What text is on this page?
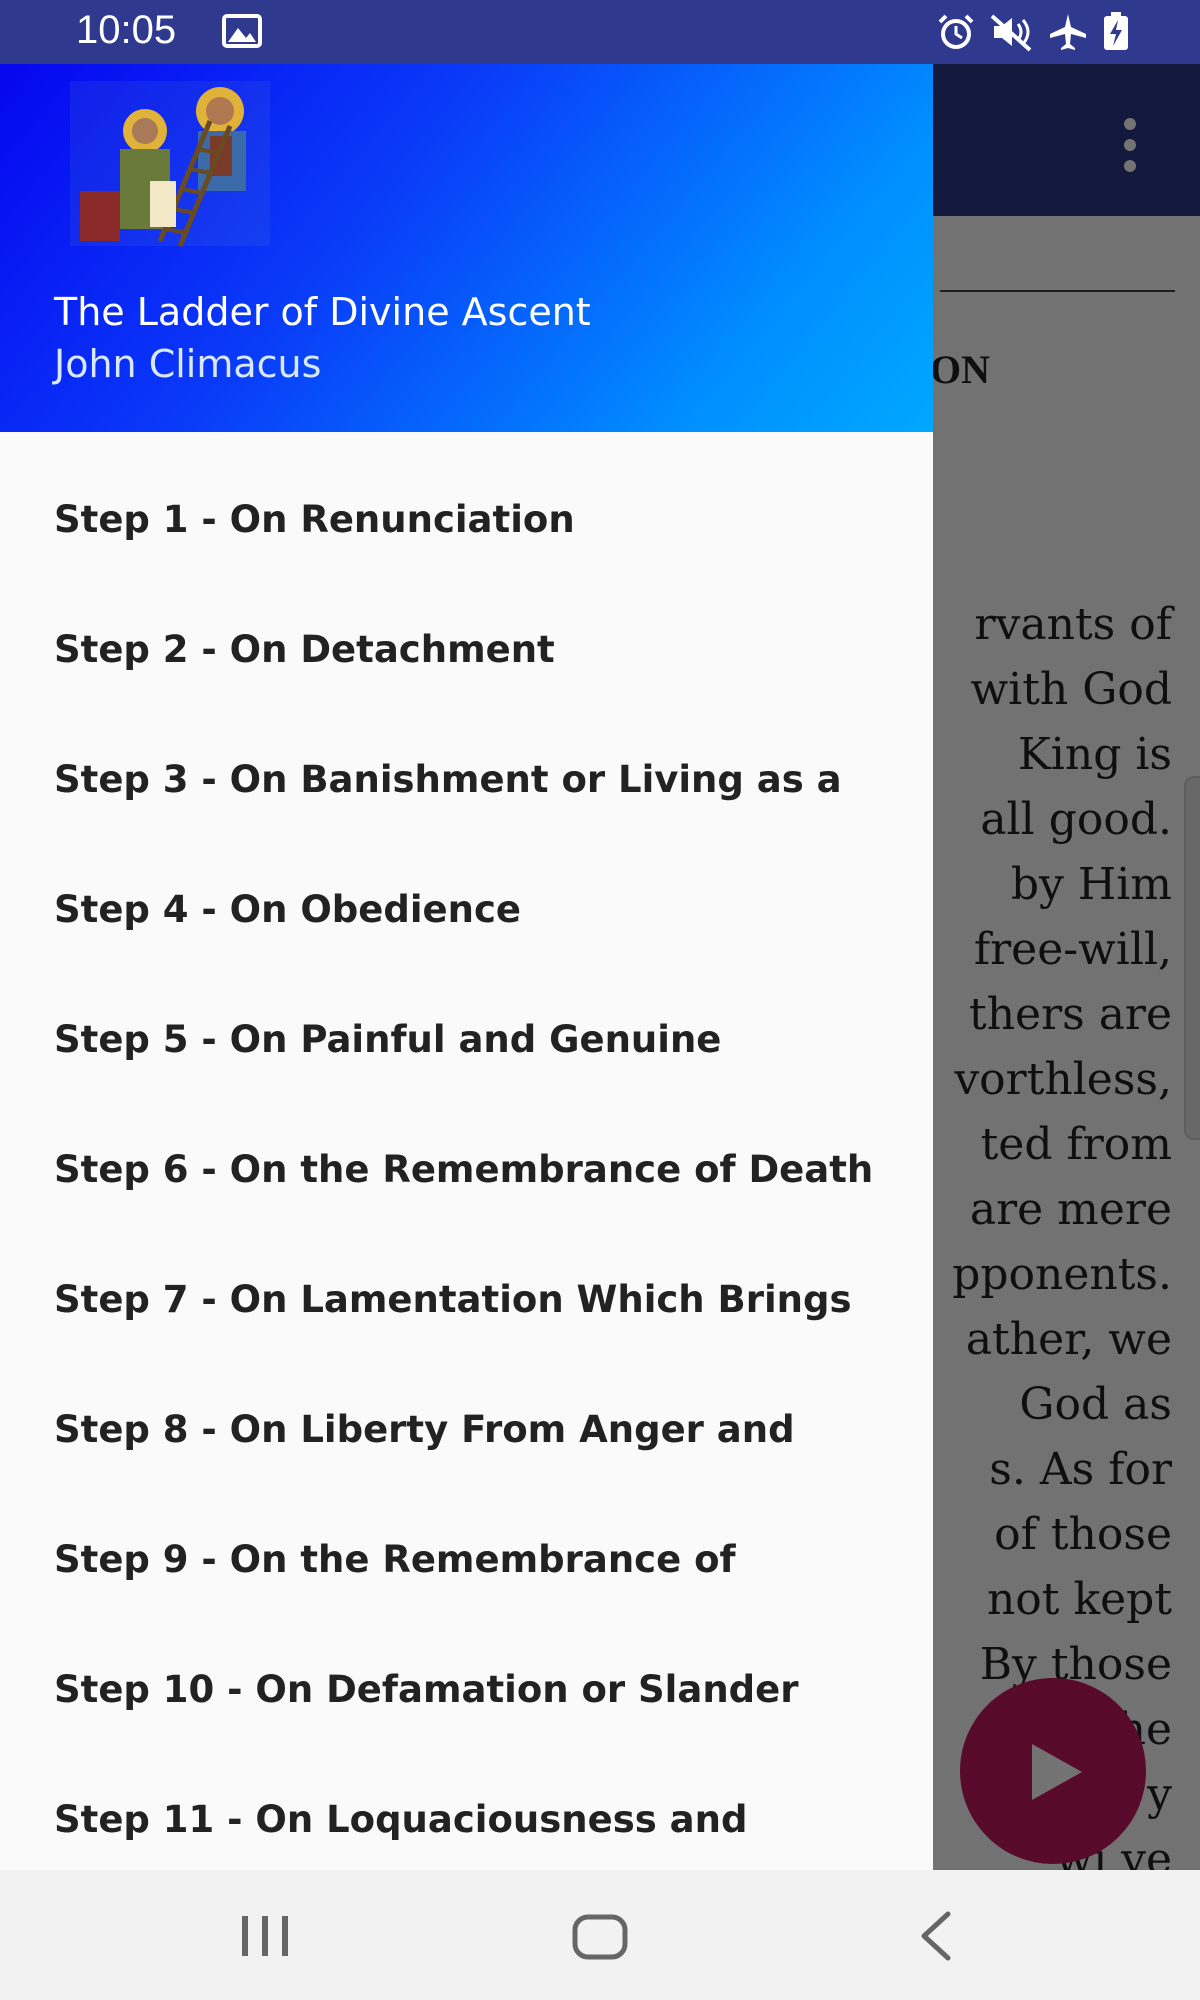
10:05
The Ladder of Divine Ascent
John Climacus
Step 1 - On Renunciation
Step 2 - On Detachment
Step 3 - On Banishment or Living as a
Step 4 - On Obedience
Step 5 - On Painful and Genuine
Step 6 - On the Remembrance of Death
Step 7 - On Lamentation Which Brings
Step 8 - On Liberty From Anger and
Step 9 - On the Remembrance of
Step 10 - On Defamation or Slander
Step 11 - On Loquaciousness and
